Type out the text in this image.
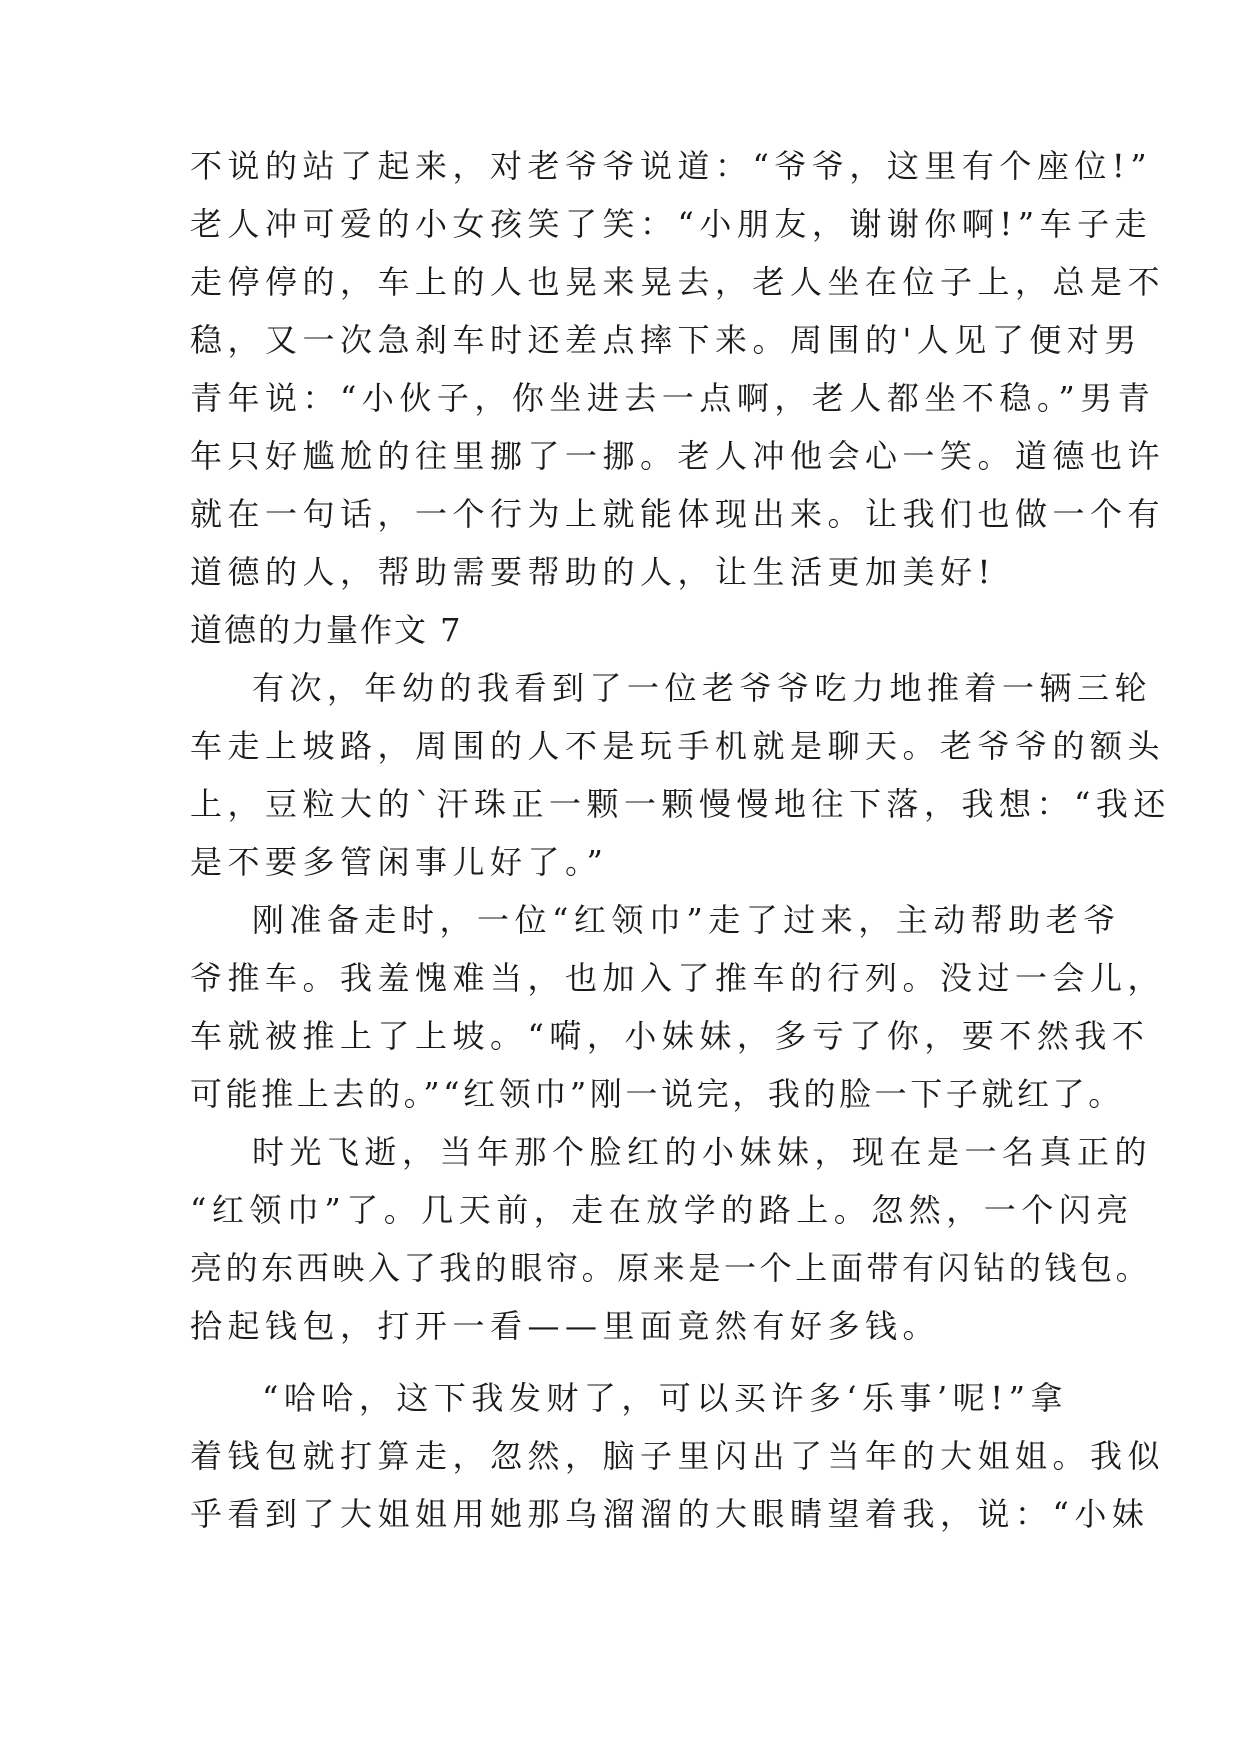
不说的站了起来，对老爷爷说道：“爷爷，这里有个座位!”
老人冲可爱的小女孩笑了笑：“小朋友，谢谢你啊!”车子走
走停停的，车上的人也晃来晃去，老人坐在位子上，总是不
稳，又一次急刹车时还差点摔下来。周围的'人见了便对男
青年说：“小伙子，你坐进去一点啊，老人都坐不稳。”男青
年只好尴尬的往里挪了一挪。老人冲他会心一笑。道德也许
就在一句话，一个行为上就能体现出来。让我们也做一个有
道德的人，帮助需要帮助的人，让生活更加美好!
道德的力量作文 7
有次，年幼的我看到了一位老爷爷吃力地推着一辆三轮
车走上坡路，周围的人不是玩手机就是聊天。老爷爷的额头
上，豆粒大的`汗珠正一颗一颗慢慢地往下落，我想：“我还
是不要多管闲事儿好了。”
刚准备走时，一位“红领巾”走了过来，主动帮助老爷
爷推车。我羞愧难当，也加入了推车的行列。没过一会儿，
车就被推上了上坡。“嗬，小妹妹，多亏了你，要不然我不
可能推上去的。”“红领巾”刚一说完，我的脸一下子就红了。
时光飞逝，当年那个脸红的小妹妹，现在是一名真正的
“红领巾”了。几天前，走在放学的路上。忽然，一个闪亮
亮的东西映入了我的眼帘。原来是一个上面带有闪钻的钱包。
拾起钱包，打开一看——里面竟然有好多钱。
“哈哈，这下我发财了，可以买许多‘乐事’呢!”拿
着钱包就打算走，忽然，脑子里闪出了当年的大姐姐。我似
乎看到了大姐姐用她那乌溜溜的大眼睛望着我，说：“小妹
